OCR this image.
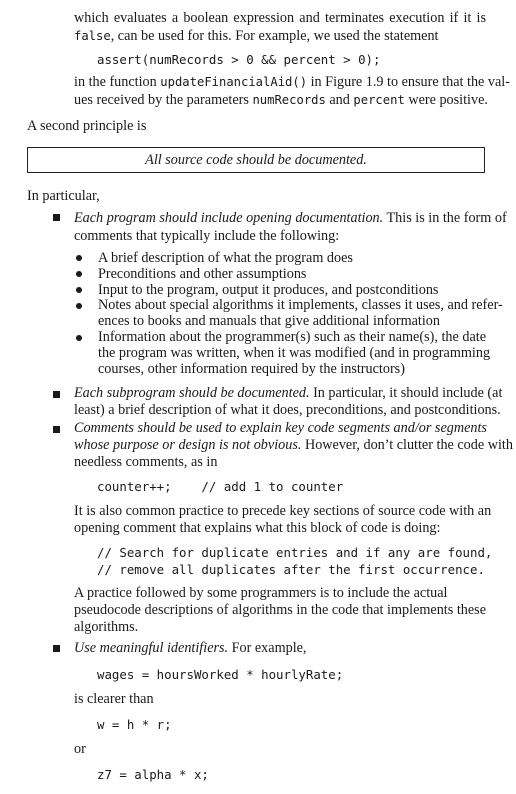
which evaluates a boolean expression and terminates execution if it is
false, can be used for this. For example, we used the statement
assert(numRecords > 0 && percent > 0);
in the function updateFinancialAid() in Figure 1.9 to ensure that the val-
ues received by the parameters numRecords and percent were positive.
A second principle is
All source code should be documented.
In particular,
Each program should include opening documentation. This is in the form of
comments that typically include the following:
A brief description of what the program does
Preconditions and other assumptions
Input to the program, output it produces, and postconditions
Notes about special algorithms it implements, classes it uses, and refer-
ences to books and manuals that give additional information
Information about the programmer(s) such as their name(s), the date
the program was written, when it was modified (and in programming
courses, other information required by the instructors)
Each subprogram should be documented. In particular, it should include (at
least) a brief description of what it does, preconditions, and postconditions.
Comments should be used to explain key code segments and/or segments
whose purpose or design is not obvious. However, don’t clutter the code with
needless comments, as in
counter++;    // add 1 to counter
It is also common practice to precede key sections of source code with an
opening comment that explains what this block of code is doing:
// Search for duplicate entries and if any are found,
// remove all duplicates after the first occurrence.
A practice followed by some programmers is to include the actual
pseudocode descriptions of algorithms in the code that implements these
algorithms.
Use meaningful identifiers. For example,
wages = hoursWorked * hourlyRate;
is clearer than
w = h * r;
or
z7 = alpha * x;
